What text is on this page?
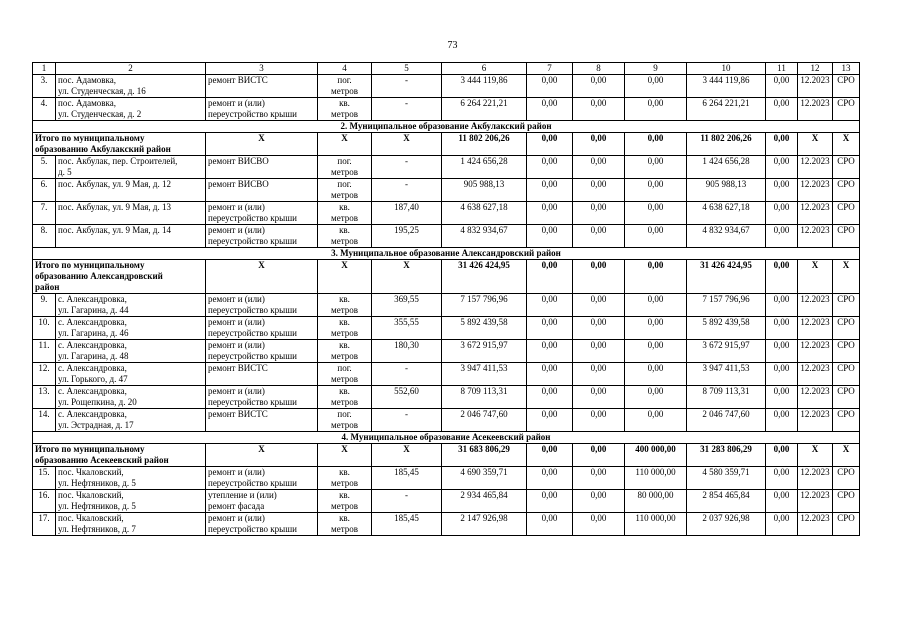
73
1	2	3	4	5	6	7	8	9	10	11	12	13
3.	пос. Адамовка,
ул. Студенческая, д. 16	ремонт ВИСТС	пог.
метров	-	3 444 119,86	0,00	0,00	0,00	3 444 119,86	0,00	12.2023	СРО
4.	пос. Адамовка,
ул. Студенческая, д. 2	ремонт и (или)
переустройство крыши	кв.
метров	-	6 264 221,21	0,00	0,00	0,00	6 264 221,21	0,00	12.2023	СРО
2. Муниципальное образование Акбулакский район												
Итого по муниципальному
образованию Акбулакский район		X	X	X	11 802 206,26	0,00	0,00	0,00	11 802 206,26	0,00	X	X
5.	пос. Акбулак, пер. Строителей,
д. 5	ремонт ВИСВО	пог.
метров	-	1 424 656,28	0,00	0,00	0,00	1 424 656,28	0,00	12.2023	СРО
6.	пос. Акбулак, ул. 9 Мая, д. 12	ремонт ВИСВО	пог.
метров	-	905 988,13	0,00	0,00	0,00	905 988,13	0,00	12.2023	СРО
7.	пос. Акбулак, ул. 9 Мая, д. 13	ремонт и (или)
переустройство крыши	кв.
метров	187,40	4 638 627,18	0,00	0,00	0,00	4 638 627,18	0,00	12.2023	СРО
8.	пос. Акбулак, ул. 9 Мая, д. 14	ремонт и (или)
переустройство крыши	кв.
метров	195,25	4 832 934,67	0,00	0,00	0,00	4 832 934,67	0,00	12.2023	СРО
3. Муниципальное образование Александровский район												
Итого по муниципальному
образованию Александровский
район		X	X	X	31 426 424,95	0,00	0,00	0,00	31 426 424,95	0,00	X	X
9.	с. Александровка,
ул. Гагарина, д. 44	ремонт и (или)
переустройство крыши	кв.
метров	369,55	7 157 796,96	0,00	0,00	0,00	7 157 796,96	0,00	12.2023	СРО
10.	с. Александровка,
ул. Гагарина, д. 46	ремонт и (или)
переустройство крыши	кв.
метров	355,55	5 892 439,58	0,00	0,00	0,00	5 892 439,58	0,00	12.2023	СРО
11.	с. Александровка,
ул. Гагарина, д. 48	ремонт и (или)
переустройство крыши	кв.
метров	180,30	3 672 915,97	0,00	0,00	0,00	3 672 915,97	0,00	12.2023	СРО
12.	с. Александровка,
ул. Горького, д. 47	ремонт ВИСТС	пог.
метров	-	3 947 411,53	0,00	0,00	0,00	3 947 411,53	0,00	12.2023	СРО
13.	с. Александровка,
ул. Рощепкина, д. 20	ремонт и (или)
переустройство крыши	кв.
метров	552,60	8 709 113,31	0,00	0,00	0,00	8 709 113,31	0,00	12.2023	СРО
14.	с. Александровка,
ул. Эстрадная, д. 17	ремонт ВИСТС	пог.
метров	-	2 046 747,60	0,00	0,00	0,00	2 046 747,60	0,00	12.2023	СРО
4. Муниципальное образование Асекеевский район												
Итого по муниципальному
образованию Асекеевский район		X	X	X	31 683 806,29	0,00	0,00	400 000,00	31 283 806,29	0,00	X	X
15.	пос. Чкаловский,
ул. Нефтяников, д. 5	ремонт и (или)
переустройство крыши	кв.
метров	185,45	4 690 359,71	0,00	0,00	110 000,00	4 580 359,71	0,00	12.2023	СРО
16.	пос. Чкаловский,
ул. Нефтяников, д. 5	утепление и (или)
ремонт фасада	кв.
метров	-	2 934 465,84	0,00	0,00	80 000,00	2 854 465,84	0,00	12.2023	СРО
17.	пос. Чкаловский,
ул. Нефтяников, д. 7	ремонт и (или)
переустройство крыши	кв.
метров	185,45	2 147 926,98	0,00	0,00	110 000,00	2 037 926,98	0,00	12.2023	СРО
